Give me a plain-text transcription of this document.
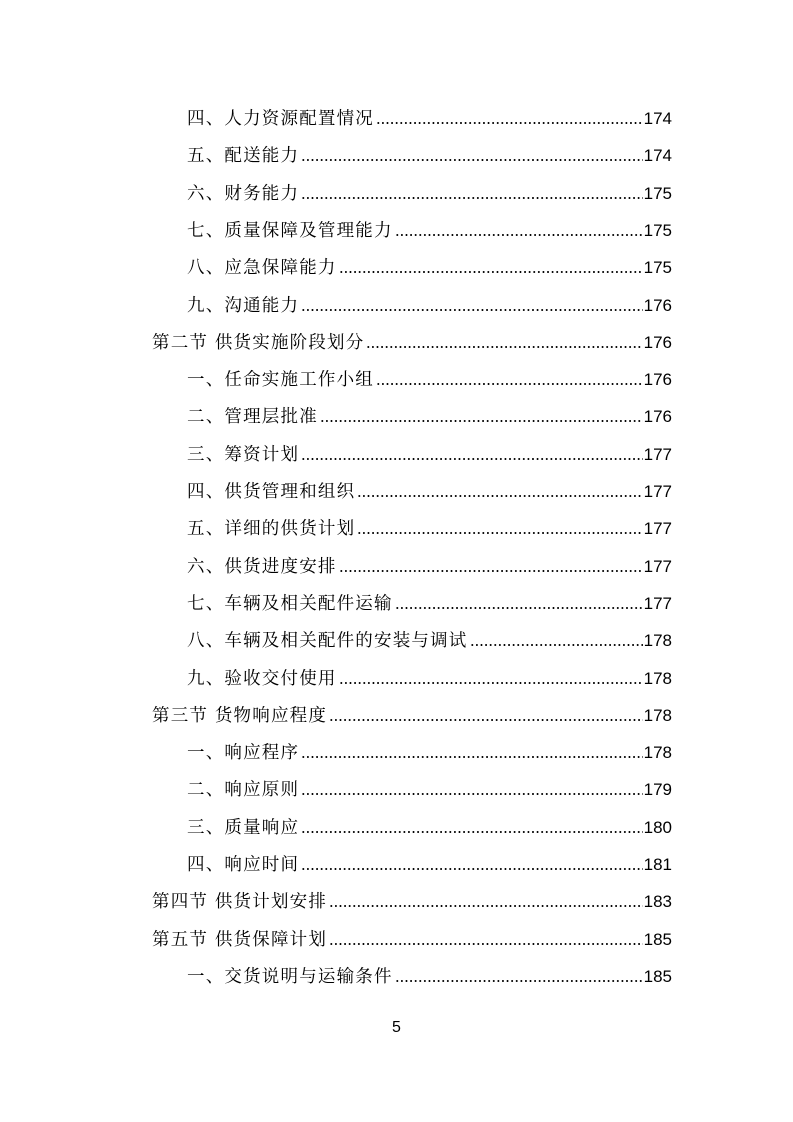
四、人力资源配置情况	174
五、配送能力	174
六、财务能力	175
七、质量保障及管理能力	175
八、应急保障能力	175
九、沟通能力	176
第二节 供货实施阶段划分	176
一、任命实施工作小组	176
二、管理层批准	176
三、筹资计划	177
四、供货管理和组织	177
五、详细的供货计划	177
六、供货进度安排	177
七、车辆及相关配件运输	177
八、车辆及相关配件的安装与调试	178
九、验收交付使用	178
第三节 货物响应程度	178
一、响应程序	178
二、响应原则	179
三、质量响应	180
四、响应时间	181
第四节 供货计划安排	183
第五节 供货保障计划	185
一、交货说明与运输条件	185
5
